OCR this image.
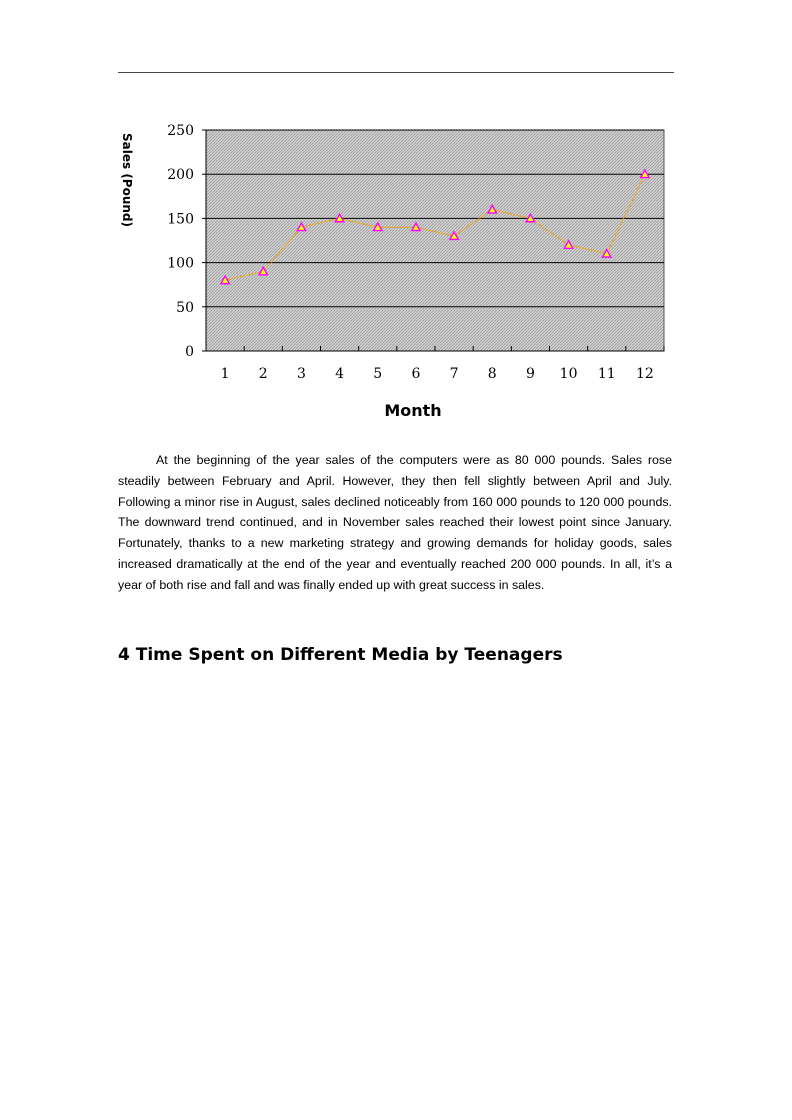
0
50
100
150
200
250
1 2 3 4 5 6 7 8 9 10 11 12
Sales (Pound)
Month

At the beginning of the year sales of the computers were as 80 000 pounds. Sales rose steadily between February and April. However, they then fell slightly between April and July. Following a minor rise in August, sales declined noticeably from 160 000 pounds to 120 000 pounds. The downward trend continued, and in November sales reached their lowest point since January. Fortunately, thanks to a new marketing strategy and growing demands for holiday goods, sales increased dramatically at the end of the year and eventually reached 200 000 pounds. In all, it’s a year of both rise and fall and was finally ended up with great success in sales.

4 Time Spent on Different Media by Teenagers
